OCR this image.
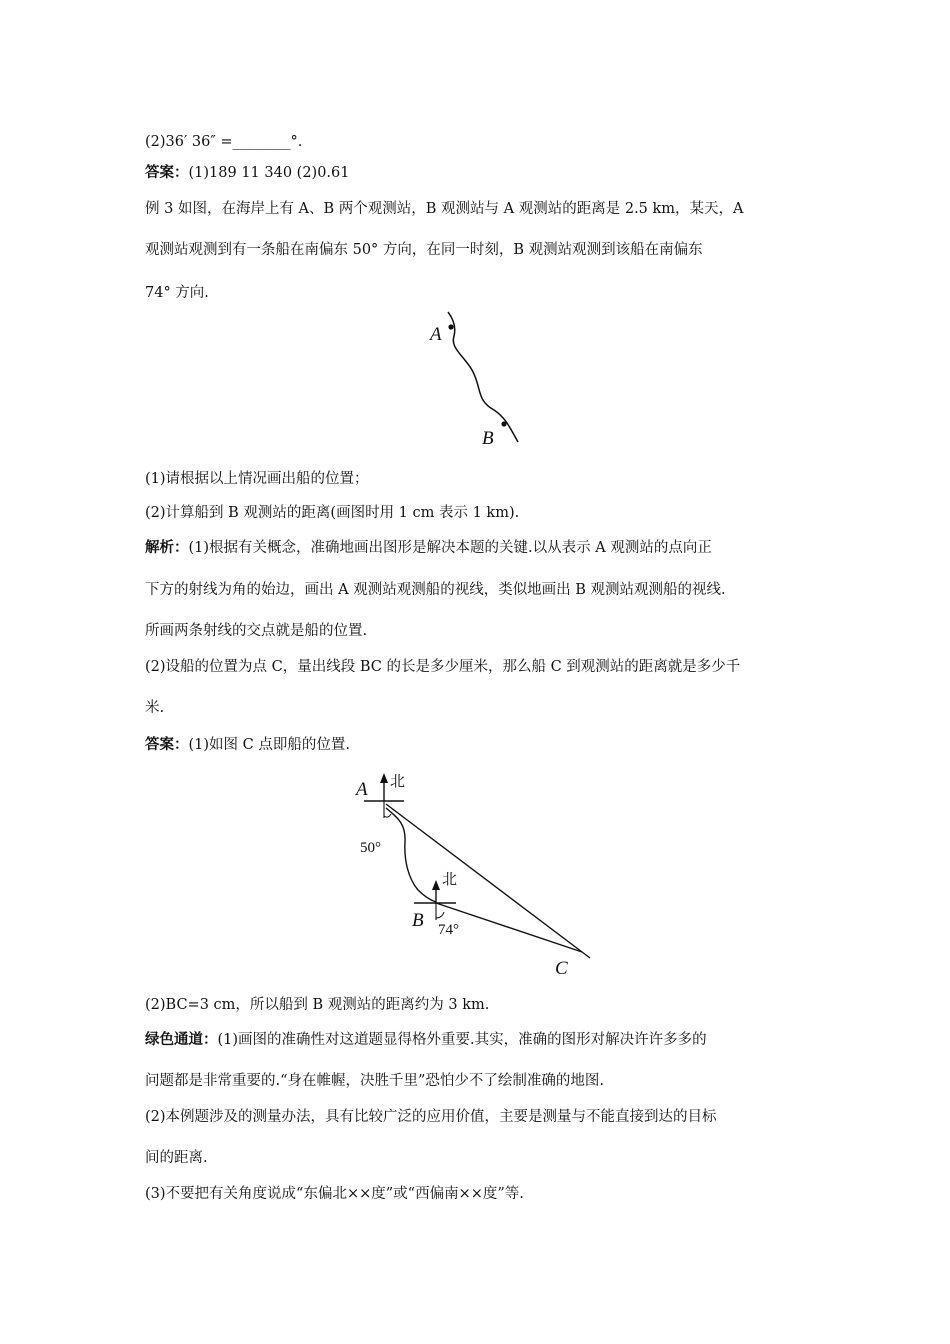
(2)36′ 36″ =________°.
答案：(1)189 11 340 (2)0.61
例 3 如图，在海岸上有 A、B 两个观测站，B 观测站与 A 观测站的距离是 2.5 km，某天，A
观测站观测到有一条船在南偏东 50° 方向，在同一时刻，B 观测站观测到该船在南偏东
74° 方向.
A
B
(1)请根据以上情况画出船的位置；
(2)计算船到 B 观测站的距离(画图时用 1 cm 表示 1 km).
解析：(1)根据有关概念，准确地画出图形是解决本题的关键.以从表示 A 观测站的点向正
下方的射线为角的始边，画出 A 观测站观测船的视线，类似地画出 B 观测站观测船的视线.
所画两条射线的交点就是船的位置.
(2)设船的位置为点 C，量出线段 BC 的长是多少厘米，那么船 C 到观测站的距离就是多少千
米.
答案：(1)如图 C 点即船的位置.
北
A
50°
北
B 74°
C
(2)BC=3 cm，所以船到 B 观测站的距离约为 3 km.
绿色通道：(1)画图的准确性对这道题显得格外重要.其实，准确的图形对解决许许多多的
问题都是非常重要的.“身在帷幄，决胜千里”恐怕少不了绘制准确的地图.
(2)本例题涉及的测量办法，具有比较广泛的应用价值，主要是测量与不能直接到达的目标
间的距离.
(3)不要把有关角度说成“东偏北××度”或“西偏南××度”等.
